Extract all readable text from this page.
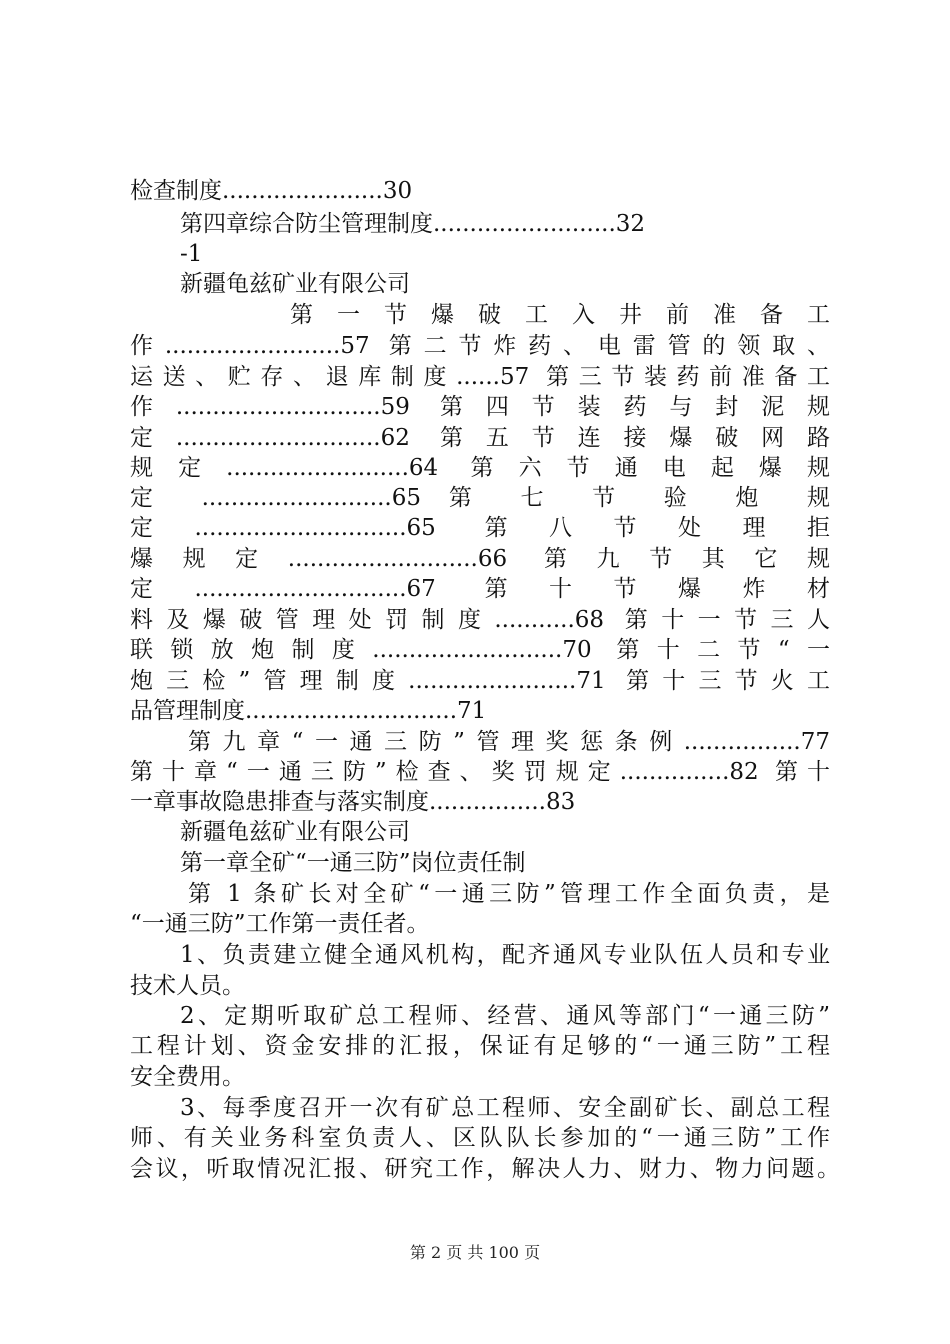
检查制度......................30
第四章综合防尘管理制度.........................32
-1
新疆龟兹矿业有限公司
第 一 节 爆 破 工 入 井 前 准 备 工
作........................57 第二节炸药、电雷管的领取、
运送、贮存、退库制度......57 第三节装药前准备工
作............................59 第四节装药与封泥规
定............................62 第五节连接爆破网路
规定.........................64 第六节通电起爆规
定 ..........................65 第 七 节 验 炮 规
定.............................65 第八节处理拒
爆规定..........................66 第九节其它规
定.............................67 第十节爆炸材
料及爆破管理处罚制度...........68 第十一节三人
联锁放炮制度..........................70 第十二节“一
炮三检”管理制度.......................71 第十三节火工
品管理制度.............................71
第九章“一通三防”管理奖惩条例................77
第十章“一通三防”检查、奖罚规定...............82 第十
一章事故隐患排查与落实制度................83
新疆龟兹矿业有限公司
第一章全矿“一通三防”岗位责任制
第 1 条矿长对全矿“一通三防”管理工作全面负责，是
“一通三防”工作第一责任者。
1、负责建立健全通风机构，配齐通风专业队伍人员和专业
技术人员。
2、定期听取矿总工程师、经营、通风等部门“一通三防”
工程计划、资金安排的汇报，保证有足够的“一通三防”工程
安全费用。
3、每季度召开一次有矿总工程师、安全副矿长、副总工程
师、有关业务科室负责人、区队队长参加的“一通三防”工作
会议，听取情况汇报、研究工作，解决人力、财力、物力问题。
第 2 页 共 100 页
